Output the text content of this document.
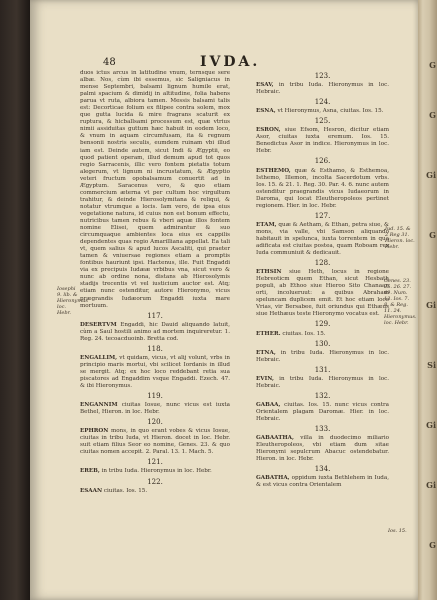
G
G
Gi
G
Gi
Si
Gi
Gi
G
48	IVDA.

duos ictus arcus in latitudine vnum, ternsque sere albæ. Nos, cùm ibi essemus, sic Saligniacus in mense Septembri, balsami lignum humile erat, palmi spacium & dimidij in altitudine, folia habens parua vt ruta, albiora tamen. Messis balsami talis est: Decorticae folium ex filipee contra solem, mox que gutta lucida & mire fragrans scaturit ex ruptura, & hicballsami processum est, quæ vtrius nimii assiduitas guttum hæc habuit in eodem loco, & vnum in aquam circumfusam, ita & regnum bensonii nostris seculis, eumdem ruinam vbi illud iam est. Deinde autem, sicut Indi & Ægyptii, eo quod patient operam, illud demum apud tot quos regio Sarracenis, illic vero fontem pietatis totum alegerum, vt lignum ni incrustatum, & Ægyptio veteri fructum opobalsamum conuertit ad in Ægyptum. Saracenus vero, & quo etiam commercium æterna vt per cultum hoc virgultum trahitur, & deinde Hierosolymitana & reliqui, & notatur vtrumque a locis. Iam vero, de ipsa eius vegetatione natura, id cuius non est bonum effectu, nutricibus tamen rebus & vberi aquæ illos fontem nomine Elisei, quem admirantur & suo circumquaque ambientes loca eius ex cappilis dependentes quas regio Amarilliana appellat. Ea tali vt, quem salius & apud lucos Ascaliti, qui praeter tamen & vniuersae regiones etiam a promptis fontibus hauriunt ipsi. Hactenus, ille. Fuit Engaddi via ex precipuis Iudææ vrbibus vna, sicut vero & nunc ab ordine nona, distans ab Hierosolymis stadijs trecentis vt vel iusticium auctor est. Atq; etiam nunc ostenditur, autore Hieronymo, vicus prægrandis Iudæorum Engaddi iuxta mare mortuum.

117.

DESERTVM Engaddi, hic Dauid aliquando latuit, cùm a Saul hostili animo ad mortem inquireretur. 1. Reg. 24. tecoacduoinb. Bretta cod.

118.

ENGALLIM, vt quidam, vicus, vt alij volunt, vrbs in principio maris mortui, vbi scilicet Iordanis in illud se mergit. Atq; ex hoc loco reddebant retia sua piscatores ad Engaddim vsque Engaddi. Ezech. 47. & ibi Hieronymus.

119.

ENGANNIM ciuitas Iosue, nunc vicus est iuxta Bethel, Hieron. in loc. Hebr.

120.

EPHRON mons, in quo erant vobes & vicus Iosue, ciuitas in tribu Iuda, vt Hieron. docet in loc. Hebr. suit etiam filius Seor eo nomine, Genes. 23. & quo ciuitas nomen accepit. 2. Paral. 13. 1. Mach. 5.

121.

EREB, in tribu Iuda. Hieronymus in loc. Hebr.

122.

ESAAN ciuitas. Ios. 15.

123.

ESAV, in tribu Iuda. Hieronymus in loc. Hebraic.

124.

ESNA, vt Hieronymus, Asna, ciuitas. Ios. 15.

125.

ESRON, siue Efsom, Hesron, dicitur etiam Asor, ciuitas iuxta eremum. Ios. 15. Benedictus Asor in indice. Hieronymus in loc. Hebr.

126.

ESTHEMO, quæ & Esthamo, & Esthemoa, Isthemo, Illemon, incolta Sacerdotum vrbs. Ios. 15. & 21. 1. Reg. 30. Par. 4. 6. nunc autem ostenditur praegrandis vicus Iudaeorum in Daroma, qui locat Eleutheropoleos pertinet regionem. Hier. in loc. Hebr.

127.

ETAM, quæ & Aetham, & Ethan, petra siue, & mons, via valle, vbi Samson aliquando habitauit in spelunca, iuxta torrentem in qua adificata est ciuitas postea, quam Roboam rex Iuda communiuit & dedicauit.

128.

ETHSIN siue Heth, locus in regione Hebreoticm quem Ethan, sicut Hesbath populi, ab Ethoo siue Hieroo Sito Chanaan orti, incolueruut: a quibus Abraham speluncam duplicem emit. Et hoc etiam loco Vrias, vir Bersabee, fuit oriundus qui Ethæus siue Hethæus teste Hieronymo vocatus est.

129.

ETHER. ciuitas. Ios. 15.

130.

ETNA, in tribu Iuda. Hieronymus in loc. Hebraic.

131.

EVIN, in tribu Iuda. Hieronymus in loc. Hebraic.

132.

GABAA, ciuitas. Ios. 15. nunc vicus contra Orientalem plagam Daromæ. Hier. in loc. Hebraic.

133.

GABAATHA, villa in duodecimo miliario Eleutheropoleos, vbi etiam dum sitae Hieronymi sepulcrum Abacuc ostendebatur. Hieron. in loc. Hebr.

134.

GABATHA, oppidum iuxta Bethlehem in Iuda, & est vicus contra Orientalem

Iosephi 9. lib. & Hieronymus loc. Hebr.
Iud. 15. & 2 Reg 31. Hieron. loc. Hebr.
Genes. 23. 25. 26. 27. 49. Num. 13. Ios. 7. 8. & Reg. 11. 24. Hieronymus. loc. Hebr.
Ios. 15.
